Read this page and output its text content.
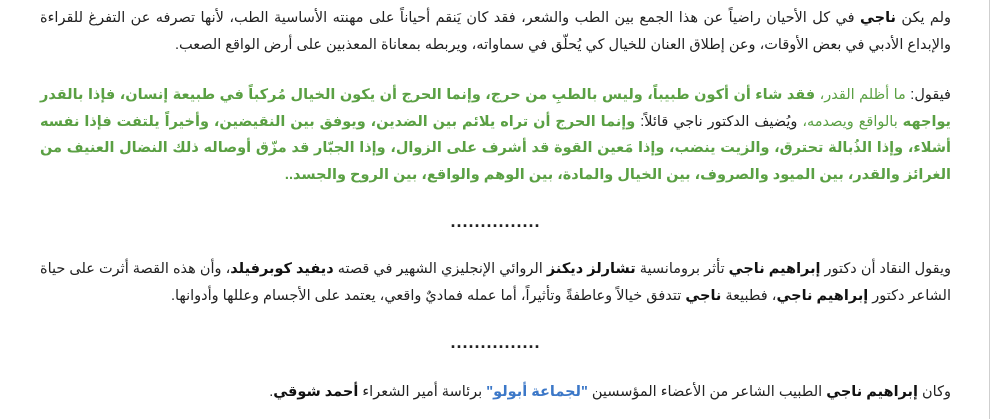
ولم يكن ناجي في كل الأحيان راضياً عن هذا الجمع بين الطب والشعر، فقد كان يَنقم أحياناً على مهنته الأساسية الطب، لأنها تصرفه عن التفرغ للقراءة والإبداع الأدبي في بعض الأوقات، وعن إطلاق العنان للخيال كي يُحلّق في سماواته، ويربطه بمعاناة المعذبين على أرض الواقع الصعب.

فيقول: ما أظلم القدر، فقد شاء أن أكون طبيباً، وليس بالطبِ من حرج، وإنما الحرج أن يكون الخيال مُركباً في طبيعة إنسان، فإذا بالقدر يواجهه بالواقع ويصدمه، ويُضيف الدكتور ناجي قائلاً: وإنما الحرج أن تراه يلائم بين الضدين، ويوفق بين النقيضين، وأخيراً يلتفت فإذا نفسه أشلاء، وإذا الذُبالة تحترق، والزيت ينضب، وإذا مَعين القوة قد أشرف على الزوال، وإذا الجبّار قد مزّق أوصاله ذلك النضال العنيف من الغرائز والقدر، بين الميود والصروف، بين الخيال والمادة، بين الوهم والواقع، بين الروح والجسد..

...............

ويقول النقاد أن دكتور إبراهيم ناجي تأثر برومانسية تشارلز ديكنز الروائي الإنجليزي الشهير في قصته ديفيد كوبرفيلد، وأن هذه القصة أثرت على حياة الشاعر دكتور إبراهيم ناجي، فطبيعة ناجي تتدفق خيالاً وعاطفةً وتأثيراً، أما عمله فماديٌ واقعي، يعتمد على الأجسام وعللها وأدوانها.

...............

وكان إبراهيم ناجي الطبيب الشاعر من الأعضاء المؤسسين "لجماعة أبولو" برئاسة أمير الشعراء أحمد شوقي.
